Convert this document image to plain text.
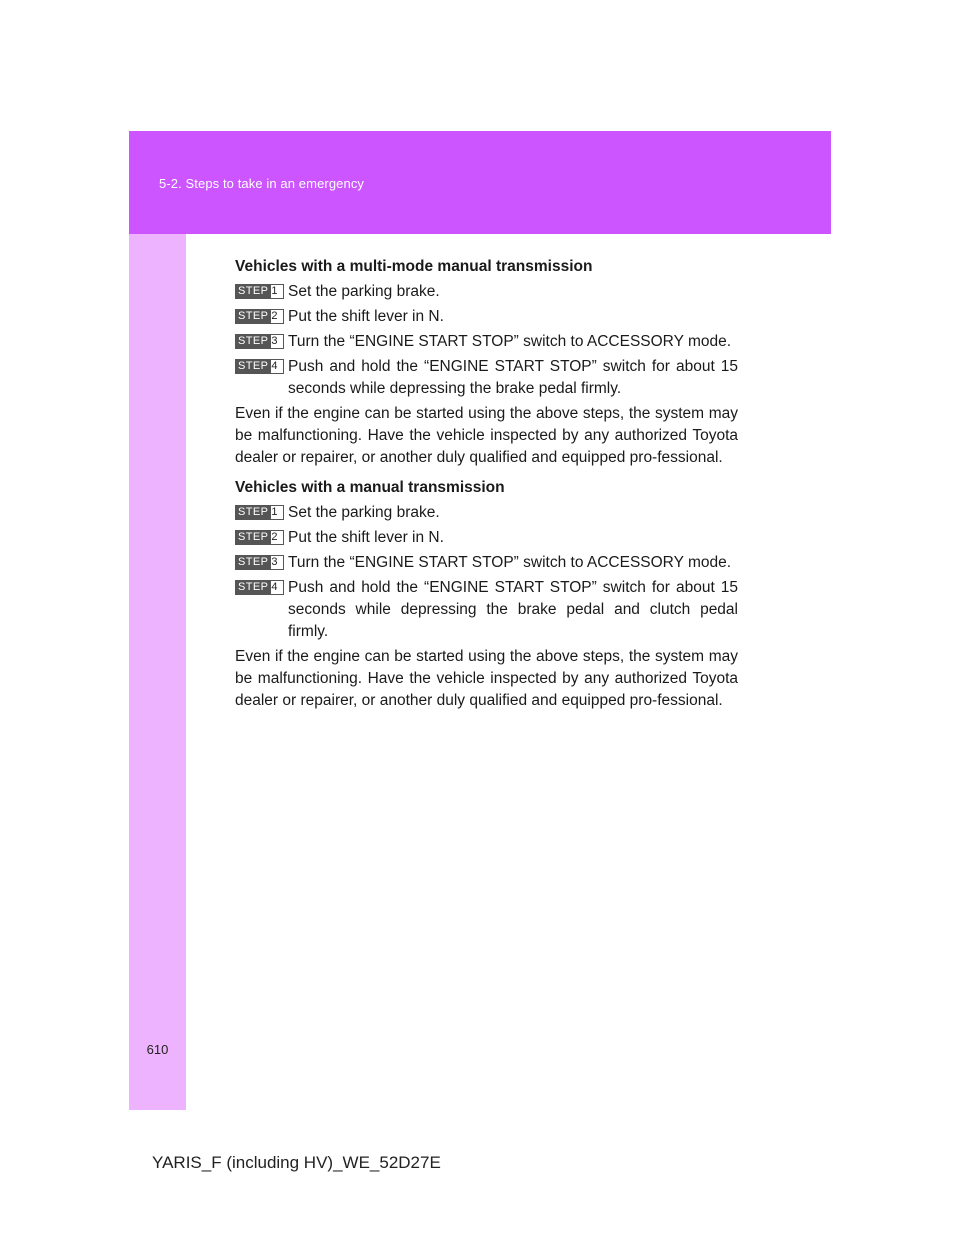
5-2. Steps to take in an emergency
610
Vehicles with a multi-mode manual transmission
STEP 1 Set the parking brake.
STEP 2 Put the shift lever in N.
STEP 3 Turn the “ENGINE START STOP” switch to ACCESSORY mode.
STEP 4 Push and hold the “ENGINE START STOP” switch for about 15 seconds while depressing the brake pedal firmly.
Even if the engine can be started using the above steps, the system may be malfunctioning. Have the vehicle inspected by any authorized Toyota dealer or repairer, or another duly qualified and equipped pro-fessional.
Vehicles with a manual transmission
STEP 1 Set the parking brake.
STEP 2 Put the shift lever in N.
STEP 3 Turn the “ENGINE START STOP” switch to ACCESSORY mode.
STEP 4 Push and hold the “ENGINE START STOP” switch for about 15 seconds while depressing the brake pedal and clutch pedal firmly.
Even if the engine can be started using the above steps, the system may be malfunctioning. Have the vehicle inspected by any authorized Toyota dealer or repairer, or another duly qualified and equipped pro-fessional.
YARIS_F (including HV)_WE_52D27E
